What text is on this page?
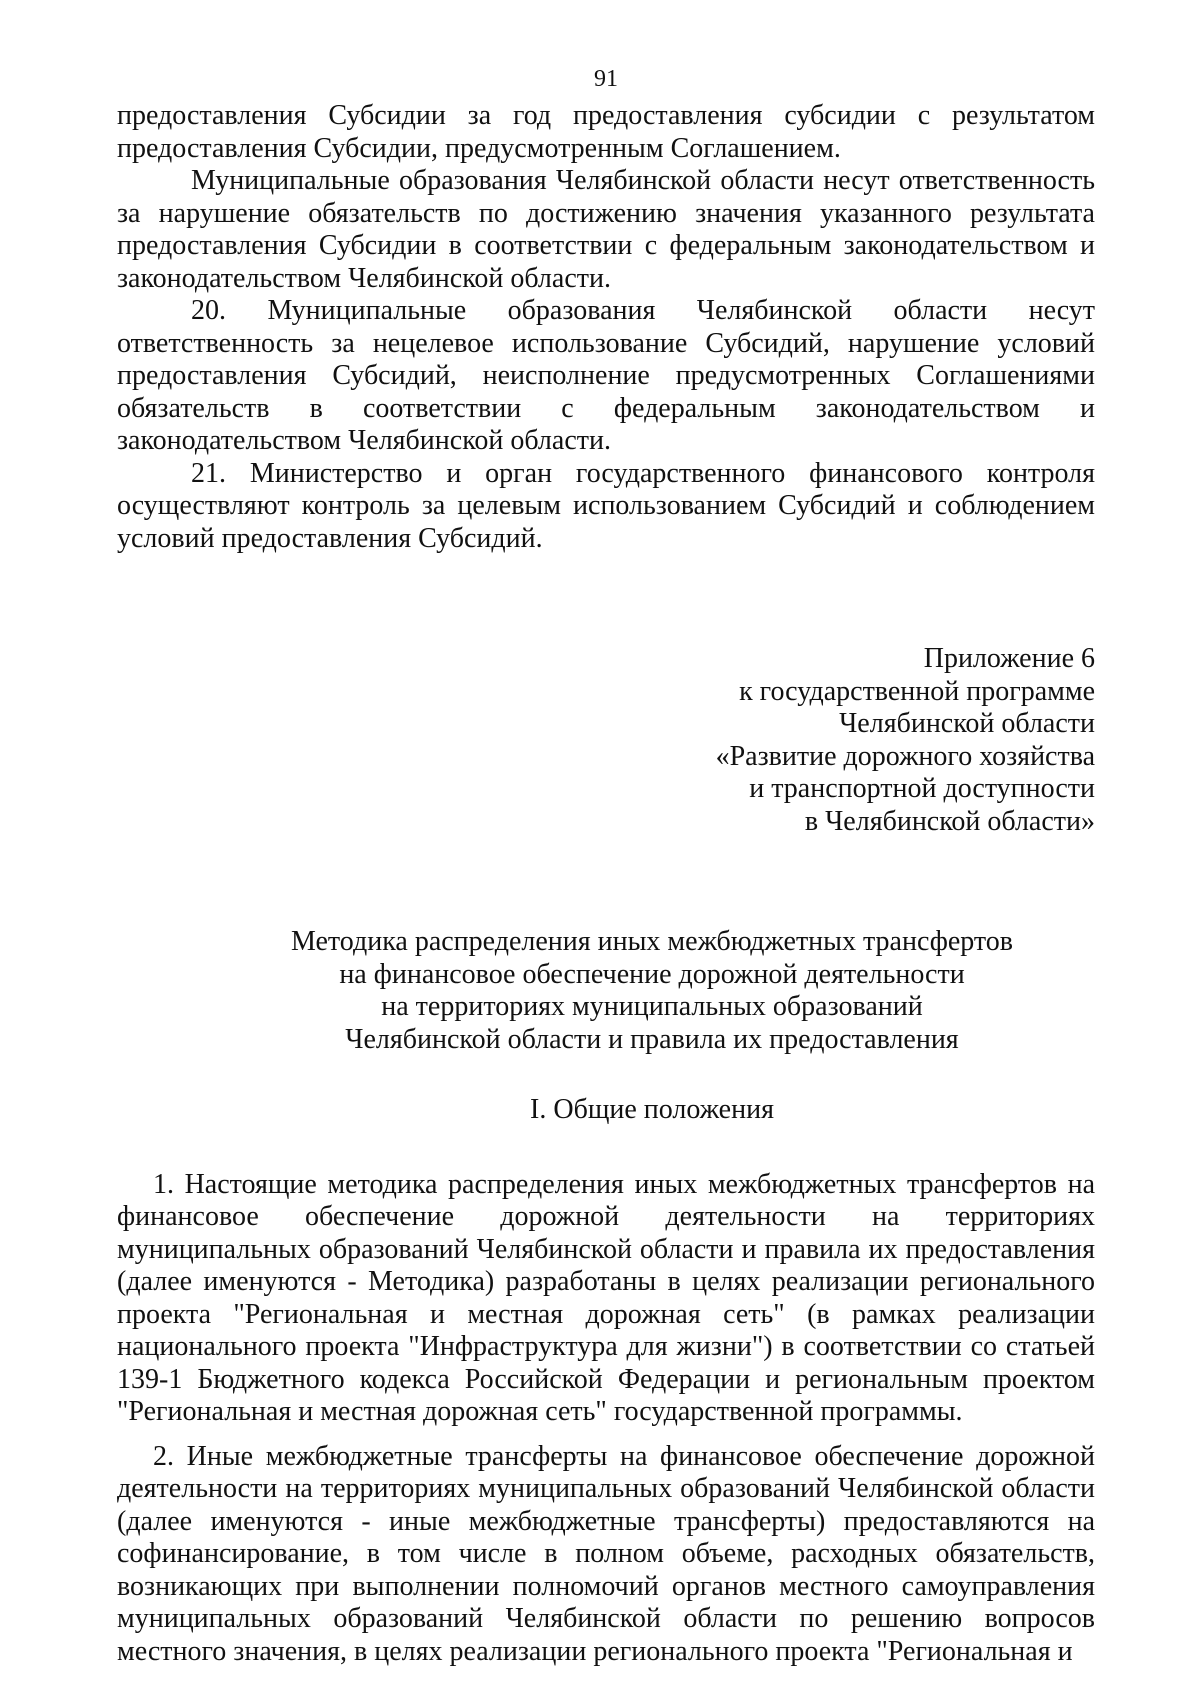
91

предоставления Субсидии за год предоставления субсидии с результатом предоставления Субсидии, предусмотренным Соглашением.

Муниципальные образования Челябинской области несут ответственность за нарушение обязательств по достижению значения указанного результата предоставления Субсидии в соответствии с федеральным законодательством и законодательством Челябинской области.

20. Муниципальные образования Челябинской области несут ответственность за нецелевое использование Субсидий, нарушение условий предоставления Субсидий, неисполнение предусмотренных Соглашениями обязательств в соответствии с федеральным законодательством и законодательством Челябинской области.

21. Министерство и орган государственного финансового контроля осуществляют контроль за целевым использованием Субсидий и соблюдением условий предоставления Субсидий.

Приложение 6
к государственной программе
Челябинской области
«Развитие дорожного хозяйства
и транспортной доступности
в Челябинской области»
Методика распределения иных межбюджетных трансфертов
на финансовое обеспечение дорожной деятельности
на территориях муниципальных образований
Челябинской области и правила их предоставления
I. Общие положения

1. Настоящие методика распределения иных межбюджетных трансфертов на финансовое обеспечение дорожной деятельности на территориях муниципальных образований Челябинской области и правила их предоставления (далее именуются - Методика) разработаны в целях реализации регионального проекта "Региональная и местная дорожная сеть" (в рамках реализации национального проекта "Инфраструктура для жизни") в соответствии со статьей 139-1 Бюджетного кодекса Российской Федерации и региональным проектом "Региональная и местная дорожная сеть" государственной программы.

2. Иные межбюджетные трансферты на финансовое обеспечение дорожной деятельности на территориях муниципальных образований Челябинской области (далее именуются - иные межбюджетные трансферты) предоставляются на софинансирование, в том числе в полном объеме, расходных обязательств, возникающих при выполнении полномочий органов местного самоуправления муниципальных образований Челябинской области по решению вопросов местного значения, в целях реализации регионального проекта "Региональная и
